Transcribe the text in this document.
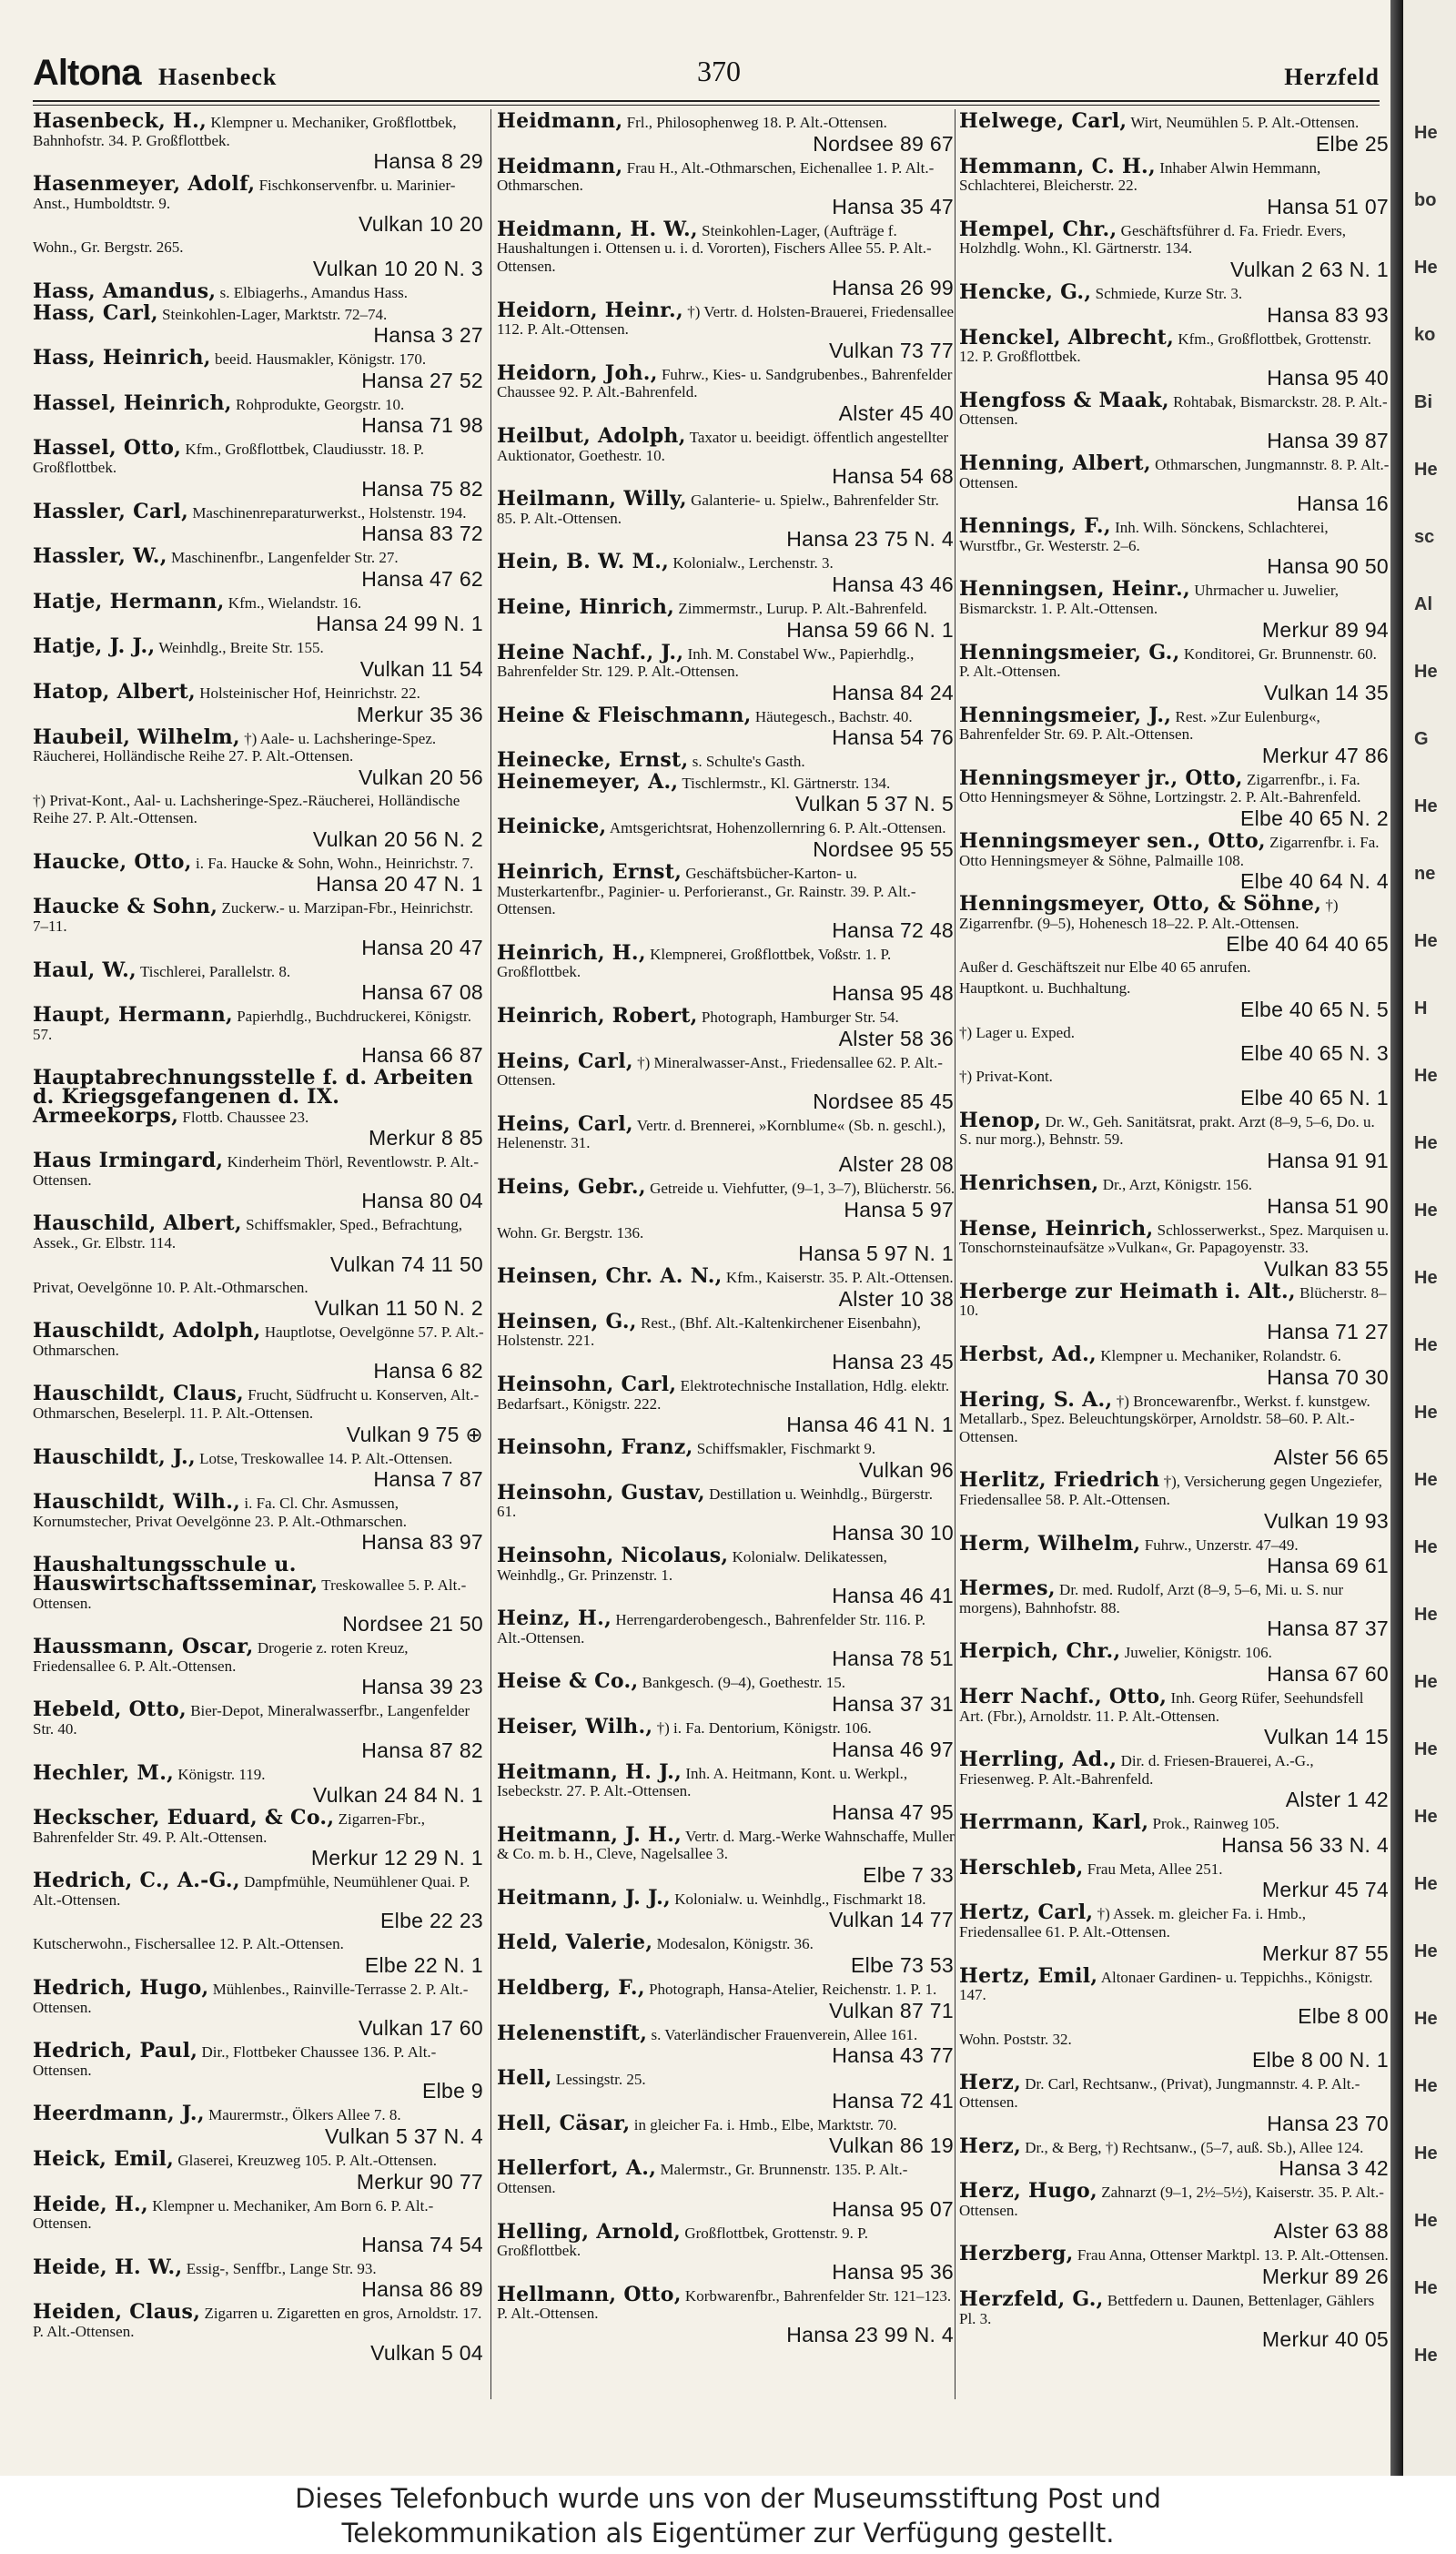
Altona Hasenbeck	370	Herzfeld
Hasenbeck, H., Klempner u. Mechaniker, Großflottbek, Bahnhofstr. 34. P. Großflottbek.
Hansa 8 29
Hasenmeyer, Adolf, Fischkonservenfbr. u. Marinier-Anst., Humboldtstr. 9.
Vulkan 10 20
Wohn., Gr. Bergstr. 265.
Vulkan 10 20 N. 3
Hass, Amandus, s. Elbiagerhs., Amandus Hass.
Hass, Carl, Steinkohlen-Lager, Marktstr. 72–74.
Hansa 3 27
Hass, Heinrich, beeid. Hausmakler, Königstr. 170.
Hansa 27 52
Hassel, Heinrich, Rohprodukte, Georgstr. 10.
Hansa 71 98
Hassel, Otto, Kfm., Großflottbek, Claudiusstr. 18. P. Großflottbek.
Hansa 75 82
Hassler, Carl, Maschinenreparaturwerkst., Holstenstr. 194.
Hansa 83 72
Hassler, W., Maschinenfbr., Langenfelder Str. 27.
Hansa 47 62
Hatje, Hermann, Kfm., Wielandstr. 16.
Hansa 24 99 N. 1
Hatje, J. J., Weinhdlg., Breite Str. 155.
Vulkan 11 54
Hatop, Albert, Holsteinischer Hof, Heinrichstr. 22.
Merkur 35 36
Haubeil, Wilhelm, †) Aale- u. Lachsheringe-Spez. Räucherei, Holländische Reihe 27. P. Alt.-Ottensen.
Vulkan 20 56
†) Privat-Kont., Aal- u. Lachsheringe-Spez.-Räucherei, Holländische Reihe 27. P. Alt.-Ottensen.
Vulkan 20 56 N. 2
Haucke, Otto, i. Fa. Haucke & Sohn, Wohn., Heinrichstr. 7.
Hansa 20 47 N. 1
Haucke & Sohn, Zuckerw.- u. Marzipan-Fbr., Heinrichstr. 7–11.
Hansa 20 47
Haul, W., Tischlerei, Parallelstr. 8.
Hansa 67 08
Haupt, Hermann, Papierhdlg., Buchdruckerei, Königstr. 57.
Hansa 66 87
Hauptabrechnungsstelle f. d. Arbeiten d. Kriegsgefangenen d. IX. Armeekorps, Flottb. Chaussee 23.
Merkur 8 85
Haus Irmingard, Kinderheim Thörl, Reventlowstr. P. Alt.-Ottensen.
Hansa 80 04
Hauschild, Albert, Schiffsmakler, Sped., Befrachtung, Assek., Gr. Elbstr. 114.
Vulkan 74 11 50
Privat, Oevelgönne 10. P. Alt.-Othmarschen.
Vulkan 11 50 N. 2
Hauschildt, Adolph, Hauptlotse, Oevelgönne 57. P. Alt.-Othmarschen.
Hansa 6 82
Hauschildt, Claus, Frucht, Südfrucht u. Konserven, Alt.-Othmarschen, Beselerpl. 11. P. Alt.-Ottensen.
Vulkan 9 75 ⊕
Hauschildt, J., Lotse, Treskowallee 14. P. Alt.-Ottensen.
Hansa 7 87
Hauschildt, Wilh., i. Fa. Cl. Chr. Asmussen, Kornumstecher, Privat Oevelgönne 23. P. Alt.-Othmarschen.
Hansa 83 97
Haushaltungsschule u. Hauswirtschaftsseminar, Treskowallee 5. P. Alt.-Ottensen.
Nordsee 21 50
Haussmann, Oscar, Drogerie z. roten Kreuz, Friedensallee 6. P. Alt.-Ottensen.
Hansa 39 23
Hebeld, Otto, Bier-Depot, Mineralwasserfbr., Langenfelder Str. 40.
Hansa 87 82
Hechler, M., Königstr. 119.
Vulkan 24 84 N. 1
Heckscher, Eduard, & Co., Zigarren-Fbr., Bahrenfelder Str. 49. P. Alt.-Ottensen.
Merkur 12 29 N. 1
Hedrich, C., A.-G., Dampfmühle, Neumühlener Quai. P. Alt.-Ottensen.
Elbe 22 23
Kutscherwohn., Fischersallee 12. P. Alt.-Ottensen.
Elbe 22 N. 1
Hedrich, Hugo, Mühlenbes., Rainville-Terrasse 2. P. Alt.-Ottensen.
Vulkan 17 60
Hedrich, Paul, Dir., Flottbeker Chaussee 136. P. Alt.-Ottensen.
Elbe 9
Heerdmann, J., Maurermstr., Ölkers Allee 7. 8.
Vulkan 5 37 N. 4
Heick, Emil, Glaserei, Kreuzweg 105. P. Alt.-Ottensen.
Merkur 90 77
Heide, H., Klempner u. Mechaniker, Am Born 6. P. Alt.-Ottensen.
Hansa 74 54
Heide, H. W., Essig-, Senffbr., Lange Str. 93.
Hansa 86 89
Heiden, Claus, Zigarren u. Zigaretten en gros, Arnoldstr. 17. P. Alt.-Ottensen.
Vulkan 5 04
Heidmann, Frl., Philosophenweg 18. P. Alt.-Ottensen.
Nordsee 89 67
Heidmann, Frau H., Alt.-Othmarschen, Eichenallee 1. P. Alt.-Othmarschen.
Hansa 35 47
Heidmann, H. W., Steinkohlen-Lager, (Aufträge f. Haushaltungen i. Ottensen u. i. d. Vororten), Fischers Allee 55. P. Alt.-Ottensen.
Hansa 26 99
Heidorn, Heinr., †) Vertr. d. Holsten-Brauerei, Friedensallee 112. P. Alt.-Ottensen.
Vulkan 73 77
Heidorn, Joh., Fuhrw., Kies- u. Sandgrubenbes., Bahrenfelder Chaussee 92. P. Alt.-Bahrenfeld.
Alster 45 40
Heilbut, Adolph, Taxator u. beeidigt. öffentlich angestellter Auktionator, Goethestr. 10.
Hansa 54 68
Heilmann, Willy, Galanterie- u. Spielw., Bahrenfelder Str. 85. P. Alt.-Ottensen.
Hansa 23 75 N. 4
Hein, B. W. M., Kolonialw., Lerchenstr. 3.
Hansa 43 46
Heine, Hinrich, Zimmermstr., Lurup. P. Alt.-Bahrenfeld.
Hansa 59 66 N. 1
Heine Nachf., J., Inh. M. Constabel Ww., Papierhdlg., Bahrenfelder Str. 129. P. Alt.-Ottensen.
Hansa 84 24
Heine & Fleischmann, Häutegesch., Bachstr. 40.
Hansa 54 76
Heinecke, Ernst, s. Schulte's Gasth.
Heinemeyer, A., Tischlermstr., Kl. Gärtnerstr. 134.
Vulkan 5 37 N. 5
Heinicke, Amtsgerichtsrat, Hohenzollernring 6. P. Alt.-Ottensen.
Nordsee 95 55
Heinrich, Ernst, Geschäftsbücher-Karton- u. Musterkartenfbr., Paginier- u. Perforieranst., Gr. Rainstr. 39. P. Alt.-Ottensen.
Hansa 72 48
Heinrich, H., Klempnerei, Großflottbek, Voßstr. 1. P. Großflottbek.
Hansa 95 48
Heinrich, Robert, Photograph, Hamburger Str. 54.
Alster 58 36
Heins, Carl, †) Mineralwasser-Anst., Friedensallee 62. P. Alt.-Ottensen.
Nordsee 85 45
Heins, Carl, Vertr. d. Brennerei, »Kornblume« (Sb. n. geschl.), Helenenstr. 31.
Alster 28 08
Heins, Gebr., Getreide u. Viehfutter, (9–1, 3–7), Blücherstr. 56.
Hansa 5 97
Wohn. Gr. Bergstr. 136.
Hansa 5 97 N. 1
Heinsen, Chr. A. N., Kfm., Kaiserstr. 35. P. Alt.-Ottensen.
Alster 10 38
Heinsen, G., Rest., (Bhf. Alt.-Kaltenkirchener Eisenbahn), Holstenstr. 221.
Hansa 23 45
Heinsohn, Carl, Elektrotechnische Installation, Hdlg. elektr. Bedarfsart., Königstr. 222.
Hansa 46 41 N. 1
Heinsohn, Franz, Schiffsmakler, Fischmarkt 9.
Vulkan 96
Heinsohn, Gustav, Destillation u. Weinhdlg., Bürgerstr. 61.
Hansa 30 10
Heinsohn, Nicolaus, Kolonialw. Delikatessen, Weinhdlg., Gr. Prinzenstr. 1.
Hansa 46 41
Heinz, H., Herrengarderobengesch., Bahrenfelder Str. 116. P. Alt.-Ottensen.
Hansa 78 51
Heise & Co., Bankgesch. (9–4), Goethestr. 15.
Hansa 37 31
Heiser, Wilh., †) i. Fa. Dentorium, Königstr. 106.
Hansa 46 97
Heitmann, H. J., Inh. A. Heitmann, Kont. u. Werkpl., Isebeckstr. 27. P. Alt.-Ottensen.
Hansa 47 95
Heitmann, J. H., Vertr. d. Marg.-Werke Wahnschaffe, Muller & Co. m. b. H., Cleve, Nagelsallee 3.
Elbe 7 33
Heitmann, J. J., Kolonialw. u. Weinhdlg., Fischmarkt 18.
Vulkan 14 77
Held, Valerie, Modesalon, Königstr. 36.
Elbe 73 53
Heldberg, F., Photograph, Hansa-Atelier, Reichenstr. 1. P. 1.
Vulkan 87 71
Helenenstift, s. Vaterländischer Frauenverein, Allee 161.
Hansa 43 77
Hell, Lessingstr. 25.
Hansa 72 41
Hell, Cäsar, in gleicher Fa. i. Hmb., Elbe, Marktstr. 70.
Vulkan 86 19
Hellerfort, A., Malermstr., Gr. Brunnenstr. 135. P. Alt.-Ottensen.
Hansa 95 07
Helling, Arnold, Großflottbek, Grottenstr. 9. P. Großflottbek.
Hansa 95 36
Hellmann, Otto, Korbwarenfbr., Bahrenfelder Str. 121–123. P. Alt.-Ottensen.
Hansa 23 99 N. 4
Helwege, Carl, Wirt, Neumühlen 5. P. Alt.-Ottensen.
Elbe 25
Hemmann, C. H., Inhaber Alwin Hemmann, Schlachterei, Bleicherstr. 22.
Hansa 51 07
Hempel, Chr., Geschäftsführer d. Fa. Friedr. Evers, Holzhdlg. Wohn., Kl. Gärtnerstr. 134.
Vulkan 2 63 N. 1
Hencke, G., Schmiede, Kurze Str. 3.
Hansa 83 93
Henckel, Albrecht, Kfm., Großflottbek, Grottenstr. 12. P. Großflottbek.
Hansa 95 40
Hengfoss & Maak, Rohtabak, Bismarckstr. 28. P. Alt.-Ottensen.
Hansa 39 87
Henning, Albert, Othmarschen, Jungmannstr. 8. P. Alt.-Ottensen.
Hansa 16
Hennings, F., Inh. Wilh. Sönckens, Schlachterei, Wurstfbr., Gr. Westerstr. 2–6.
Hansa 90 50
Henningsen, Heinr., Uhrmacher u. Juwelier, Bismarckstr. 1. P. Alt.-Ottensen.
Merkur 89 94
Henningsmeier, G., Konditorei, Gr. Brunnenstr. 60. P. Alt.-Ottensen.
Vulkan 14 35
Henningsmeier, J., Rest. »Zur Eulenburg«, Bahrenfelder Str. 69. P. Alt.-Ottensen.
Merkur 47 86
Henningsmeyer jr., Otto, Zigarrenfbr., i. Fa. Otto Henningsmeyer & Söhne, Lortzingstr. 2. P. Alt.-Bahrenfeld.
Elbe 40 65 N. 2
Henningsmeyer sen., Otto, Zigarrenfbr. i. Fa. Otto Henningsmeyer & Söhne, Palmaille 108.
Elbe 40 64 N. 4
Henningsmeyer, Otto, & Söhne, †) Zigarrenfbr. (9–5), Hohenesch 18–22. P. Alt.-Ottensen.
Elbe 40 64 40 65
Außer d. Geschäftszeit nur Elbe 40 65 anrufen.
Hauptkont. u. Buchhaltung.
Elbe 40 65 N. 5
†) Lager u. Exped.
Elbe 40 65 N. 3
†) Privat-Kont.
Elbe 40 65 N. 1
Henop, Dr. W., Geh. Sanitätsrat, prakt. Arzt (8–9, 5–6, Do. u. S. nur morg.), Behnstr. 59.
Hansa 91 91
Henrichsen, Dr., Arzt, Königstr. 156.
Hansa 51 90
Hense, Heinrich, Schlosserwerkst., Spez. Marquisen u. Tonschornsteinaufsätze »Vulkan«, Gr. Papagoyenstr. 33.
Vulkan 83 55
Herberge zur Heimath i. Alt., Blücherstr. 8–10.
Hansa 71 27
Herbst, Ad., Klempner u. Mechaniker, Rolandstr. 6.
Hansa 70 30
Hering, S. A., †) Broncewarenfbr., Werkst. f. kunstgew. Metallarb., Spez. Beleuchtungskörper, Arnoldstr. 58–60. P. Alt.-Ottensen.
Alster 56 65
Herlitz, Friedrich †), Versicherung gegen Ungeziefer, Friedensallee 58. P. Alt.-Ottensen.
Vulkan 19 93
Herm, Wilhelm, Fuhrw., Unzerstr. 47–49.
Hansa 69 61
Hermes, Dr. med. Rudolf, Arzt (8–9, 5–6, Mi. u. S. nur morgens), Bahnhofstr. 88.
Hansa 87 37
Herpich, Chr., Juwelier, Königstr. 106.
Hansa 67 60
Herr Nachf., Otto, Inh. Georg Rüfer, Seehundsfell Art. (Fbr.), Arnoldstr. 11. P. Alt.-Ottensen.
Vulkan 14 15
Herrling, Ad., Dir. d. Friesen-Brauerei, A.-G., Friesenweg. P. Alt.-Bahrenfeld.
Alster 1 42
Herrmann, Karl, Prok., Rainweg 105.
Hansa 56 33 N. 4
Herschleb, Frau Meta, Allee 251.
Merkur 45 74
Hertz, Carl, †) Assek. m. gleicher Fa. i. Hmb., Friedensallee 61. P. Alt.-Ottensen.
Merkur 87 55
Hertz, Emil, Altonaer Gardinen- u. Teppichhs., Königstr. 147.
Elbe 8 00
Wohn. Poststr. 32.
Elbe 8 00 N. 1
Herz, Dr. Carl, Rechtsanw., (Privat), Jungmannstr. 4. P. Alt.-Ottensen.
Hansa 23 70
Herz, Dr., & Berg, †) Rechtsanw., (5–7, auß. Sb.), Allee 124.
Hansa 3 42
Herz, Hugo, Zahnarzt (9–1, 2½–5½), Kaiserstr. 35. P. Alt.-Ottensen.
Alster 63 88
Herzberg, Frau Anna, Ottenser Marktpl. 13. P. Alt.-Ottensen.
Merkur 89 26
Herzfeld, G., Bettfedern u. Daunen, Bettenlager, Gählers Pl. 3.
Merkur 40 05
He
bo
He
ko
Bi
He
sc
Al
He
G
He
ne
He
H
He
He
He
He
He
He
He
He
He
He
He
He
He
He
He
He
He
He
He
He
Dieses Telefonbuch wurde uns von der Museumsstiftung Post und
Telekommunikation als Eigentümer zur Verfügung gestellt.
